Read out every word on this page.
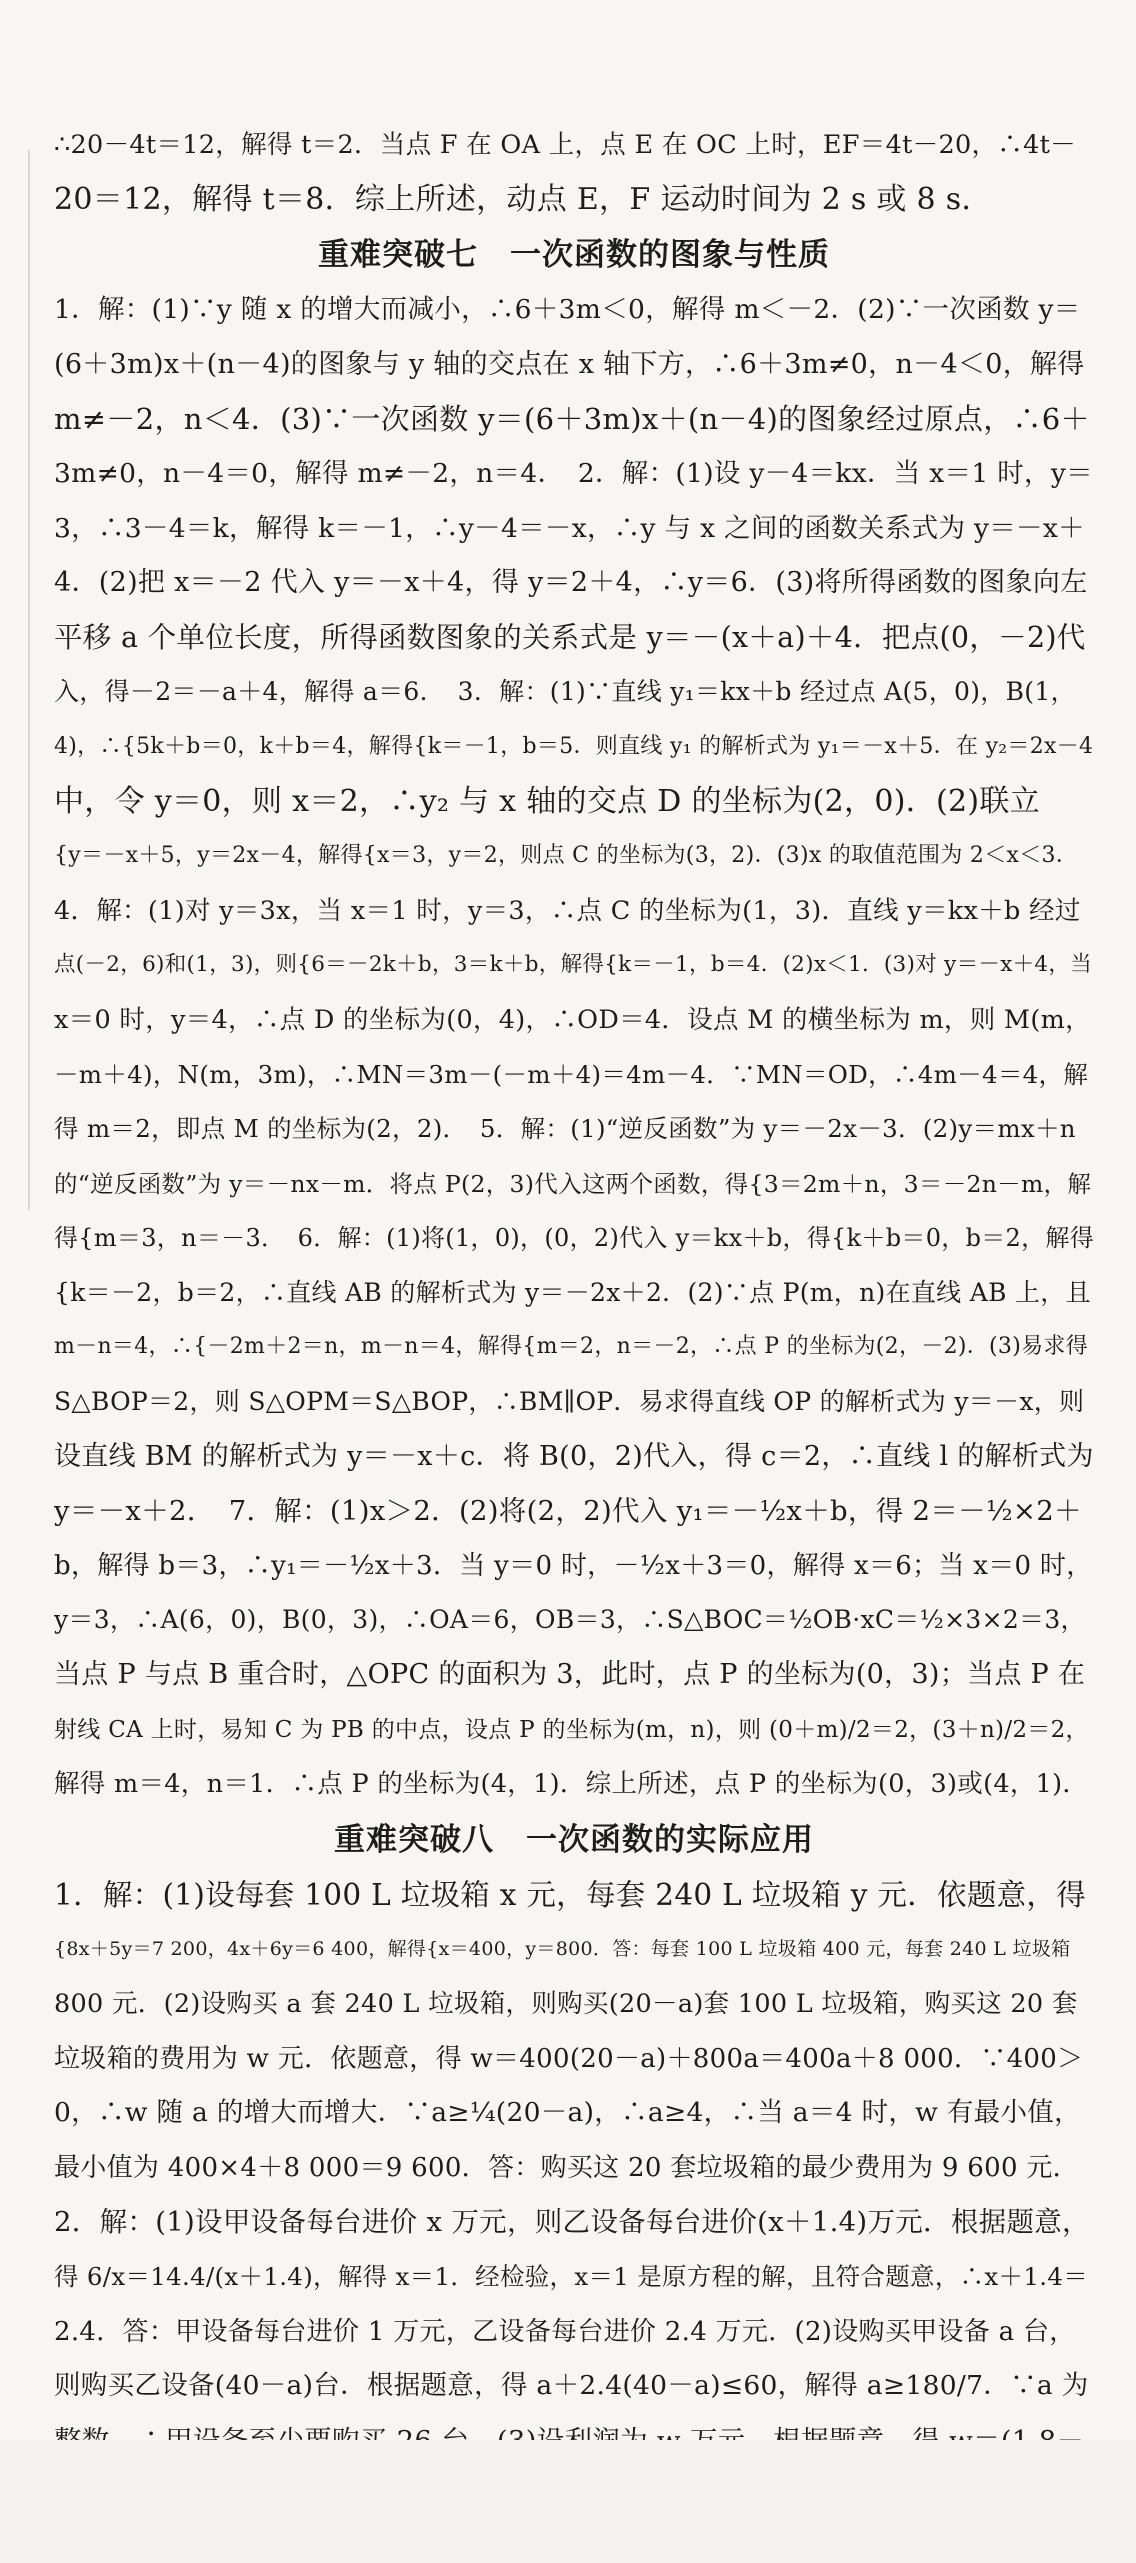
∴20－4t＝12，解得 t＝2．当点 F 在 OA 上，点 E 在 OC 上时，EF＝4t－20，∴4t－
20＝12，解得 t＝8．综上所述，动点 E，F 运动时间为 2 s 或 8 s．
重难突破七　一次函数的图象与性质
1．解：(1)∵y 随 x 的增大而减小，∴6＋3m＜0，解得 m＜－2．(2)∵一次函数 y＝
(6＋3m)x＋(n－4)的图象与 y 轴的交点在 x 轴下方，∴6＋3m≠0，n－4＜0，解得
m≠－2，n＜4．(3)∵一次函数 y＝(6＋3m)x＋(n－4)的图象经过原点，∴6＋
3m≠0，n－4＝0，解得 m≠－2，n＝4．　2．解：(1)设 y－4＝kx．当 x＝1 时，y＝
3，∴3－4＝k，解得 k＝－1，∴y－4＝－x，∴y 与 x 之间的函数关系式为 y＝－x＋
4．(2)把 x＝－2 代入 y＝－x＋4，得 y＝2＋4，∴y＝6．(3)将所得函数的图象向左
平移 a 个单位长度，所得函数图象的关系式是 y＝－(x＋a)＋4．把点(0，－2)代
入，得－2＝－a＋4，解得 a＝6．　3．解：(1)∵直线 y₁＝kx＋b 经过点 A(5，0)，B(1，
4)，∴{5k＋b＝0，k＋b＝4，解得{k＝－1，b＝5．则直线 y₁ 的解析式为 y₁＝－x＋5．在 y₂＝2x－4
中，令 y＝0，则 x＝2，∴y₂ 与 x 轴的交点 D 的坐标为(2，0)．(2)联立
{y＝－x＋5，y＝2x－4，解得{x＝3，y＝2，则点 C 的坐标为(3，2)．(3)x 的取值范围为 2＜x＜3．
4．解：(1)对 y＝3x，当 x＝1 时，y＝3，∴点 C 的坐标为(1，3)．直线 y＝kx＋b 经过
点(－2，6)和(1，3)，则{6＝－2k＋b，3＝k＋b，解得{k＝－1，b＝4．(2)x＜1．(3)对 y＝－x＋4，当
x＝0 时，y＝4，∴点 D 的坐标为(0，4)，∴OD＝4．设点 M 的横坐标为 m，则 M(m，
－m＋4)，N(m，3m)，∴MN＝3m－(－m＋4)＝4m－4．∵MN＝OD，∴4m－4＝4，解
得 m＝2，即点 M 的坐标为(2，2)．　5．解：(1)“逆反函数”为 y＝－2x－3．(2)y＝mx＋n
的“逆反函数”为 y＝－nx－m．将点 P(2，3)代入这两个函数，得{3＝2m＋n，3＝－2n－m，解
得{m＝3，n＝－3．　6．解：(1)将(1，0)，(0，2)代入 y＝kx＋b，得{k＋b＝0，b＝2，解得
{k＝－2，b＝2，∴直线 AB 的解析式为 y＝－2x＋2．(2)∵点 P(m，n)在直线 AB 上，且
m－n＝4，∴{－2m＋2＝n，m－n＝4，解得{m＝2，n＝－2，∴点 P 的坐标为(2，－2)．(3)易求得
S△BOP＝2，则 S△OPM＝S△BOP，∴BM∥OP．易求得直线 OP 的解析式为 y＝－x，则
设直线 BM 的解析式为 y＝－x＋c．将 B(0，2)代入，得 c＝2，∴直线 l 的解析式为
y＝－x＋2．　7．解：(1)x＞2．(2)将(2，2)代入 y₁＝－½x＋b，得 2＝－½×2＋
b，解得 b＝3，∴y₁＝－½x＋3．当 y＝0 时，－½x＋3＝0，解得 x＝6；当 x＝0 时，
y＝3，∴A(6，0)，B(0，3)，∴OA＝6，OB＝3，∴S△BOC＝½OB·xC＝½×3×2＝3，
当点 P 与点 B 重合时，△OPC 的面积为 3，此时，点 P 的坐标为(0，3)；当点 P 在
射线 CA 上时，易知 C 为 PB 的中点，设点 P 的坐标为(m，n)，则 (0＋m)/2＝2，(3＋n)/2＝2，
解得 m＝4，n＝1．∴点 P 的坐标为(4，1)．综上所述，点 P 的坐标为(0，3)或(4，1)．
重难突破八　一次函数的实际应用
1．解：(1)设每套 100 L 垃圾箱 x 元，每套 240 L 垃圾箱 y 元．依题意，得
{8x＋5y＝7 200，4x＋6y＝6 400，解得{x＝400，y＝800．答：每套 100 L 垃圾箱 400 元，每套 240 L 垃圾箱
800 元．(2)设购买 a 套 240 L 垃圾箱，则购买(20－a)套 100 L 垃圾箱，购买这 20 套
垃圾箱的费用为 w 元．依题意，得 w＝400(20－a)＋800a＝400a＋8 000．∵400＞
0，∴w 随 a 的增大而增大．∵a≥¼(20－a)，∴a≥4，∴当 a＝4 时，w 有最小值，
最小值为 400×4＋8 000＝9 600．答：购买这 20 套垃圾箱的最少费用为 9 600 元．
2．解：(1)设甲设备每台进价 x 万元，则乙设备每台进价(x＋1.4)万元．根据题意，
得 6/x＝14.4/(x＋1.4)，解得 x＝1．经检验，x＝1 是原方程的解，且符合题意，∴x＋1.4＝
2.4．答：甲设备每台进价 1 万元，乙设备每台进价 2.4 万元．(2)设购买甲设备 a 台，
则购买乙设备(40－a)台．根据题意，得 a＋2.4(40－a)≤60，解得 a≥180/7．∵a 为
